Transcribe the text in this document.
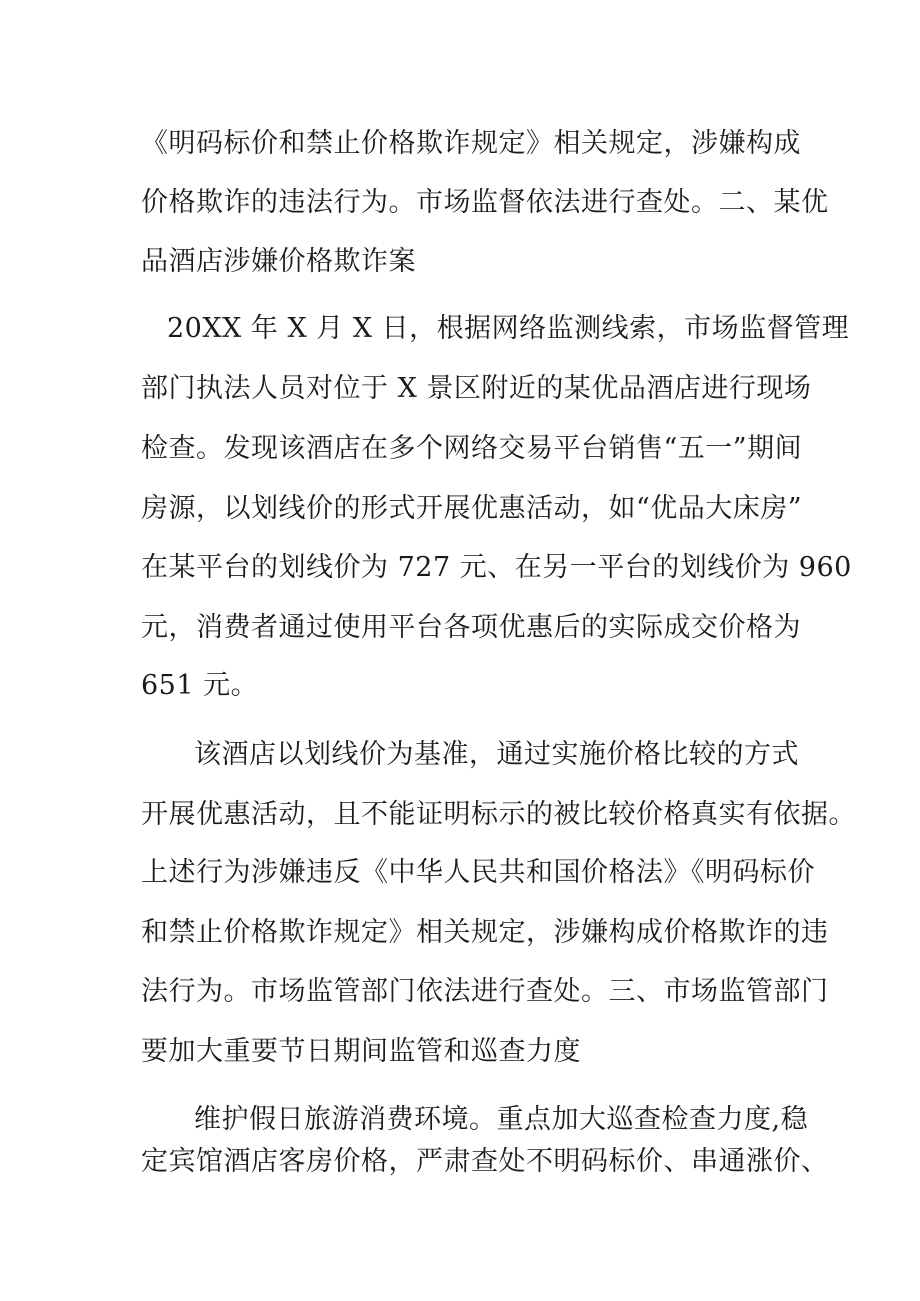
《明码标价和禁止价格欺诈规定》相关规定，涉嫌构成

价格欺诈的违法行为。市场监督依法进行查处。二、某优

品酒店涉嫌价格欺诈案

20XX 年 X 月 X 日，根据网络监测线索，市场监督管理

部门执法人员对位于 X 景区附近的某优品酒店进行现场

检查。发现该酒店在多个网络交易平台销售“五一”期间

房源，以划线价的形式开展优惠活动，如“优品大床房”

在某平台的划线价为 727 元、在另一平台的划线价为 960

元，消费者通过使用平台各项优惠后的实际成交价格为

651 元。

该酒店以划线价为基准，通过实施价格比较的方式

开展优惠活动，且不能证明标示的被比较价格真实有依据。

上述行为涉嫌违反《中华人民共和国价格法》《明码标价

和禁止价格欺诈规定》相关规定，涉嫌构成价格欺诈的违

法行为。市场监管部门依法进行查处。三、市场监管部门

要加大重要节日期间监管和巡查力度

维护假日旅游消费环境。重点加大巡查检查力度,稳

定宾馆酒店客房价格，严肃查处不明码标价、串通涨价、
